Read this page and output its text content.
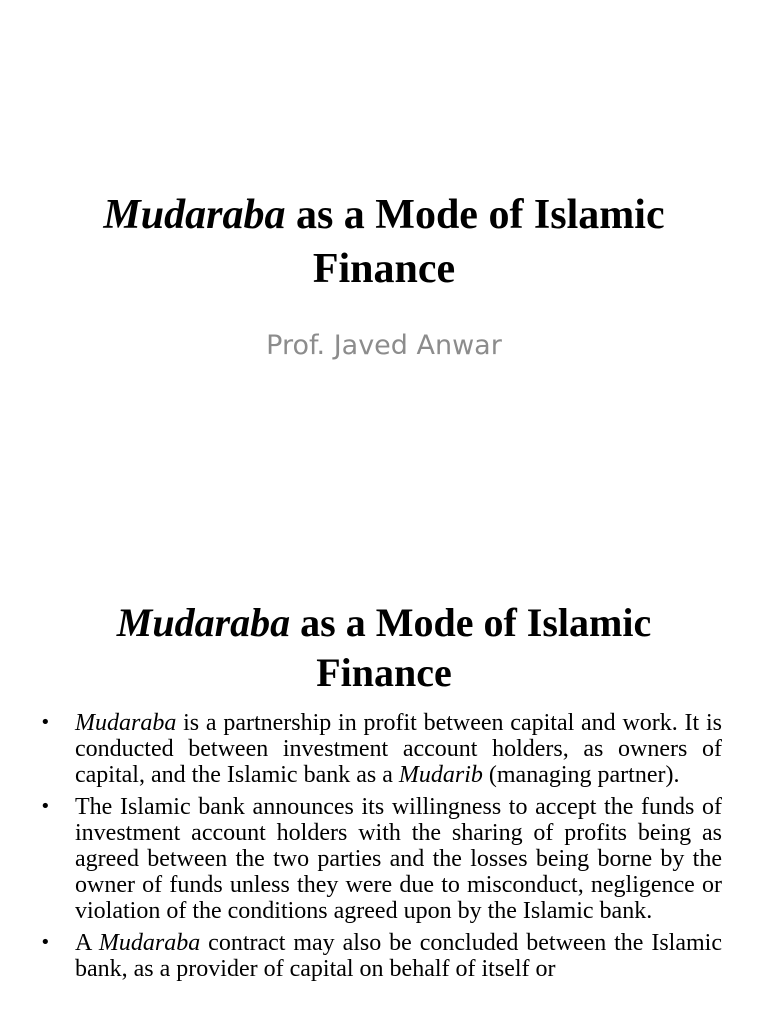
Mudaraba as a Mode of Islamic
Finance

Prof. Javed Anwar

Mudaraba as a Mode of Islamic
Finance
•	Mudaraba is a partnership in profit between capital and work. It is conducted between investment account holders, as owners of capital, and the Islamic bank as a Mudarib (managing partner).
•	The Islamic bank announces its willingness to accept the funds of investment account holders with the sharing of profits being as agreed between the two parties and the losses being borne by the owner of funds unless they were due to misconduct, negligence or violation of the conditions agreed upon by the Islamic bank.
•	A Mudaraba contract may also be concluded between the Islamic bank, as a provider of capital on behalf of itself or
